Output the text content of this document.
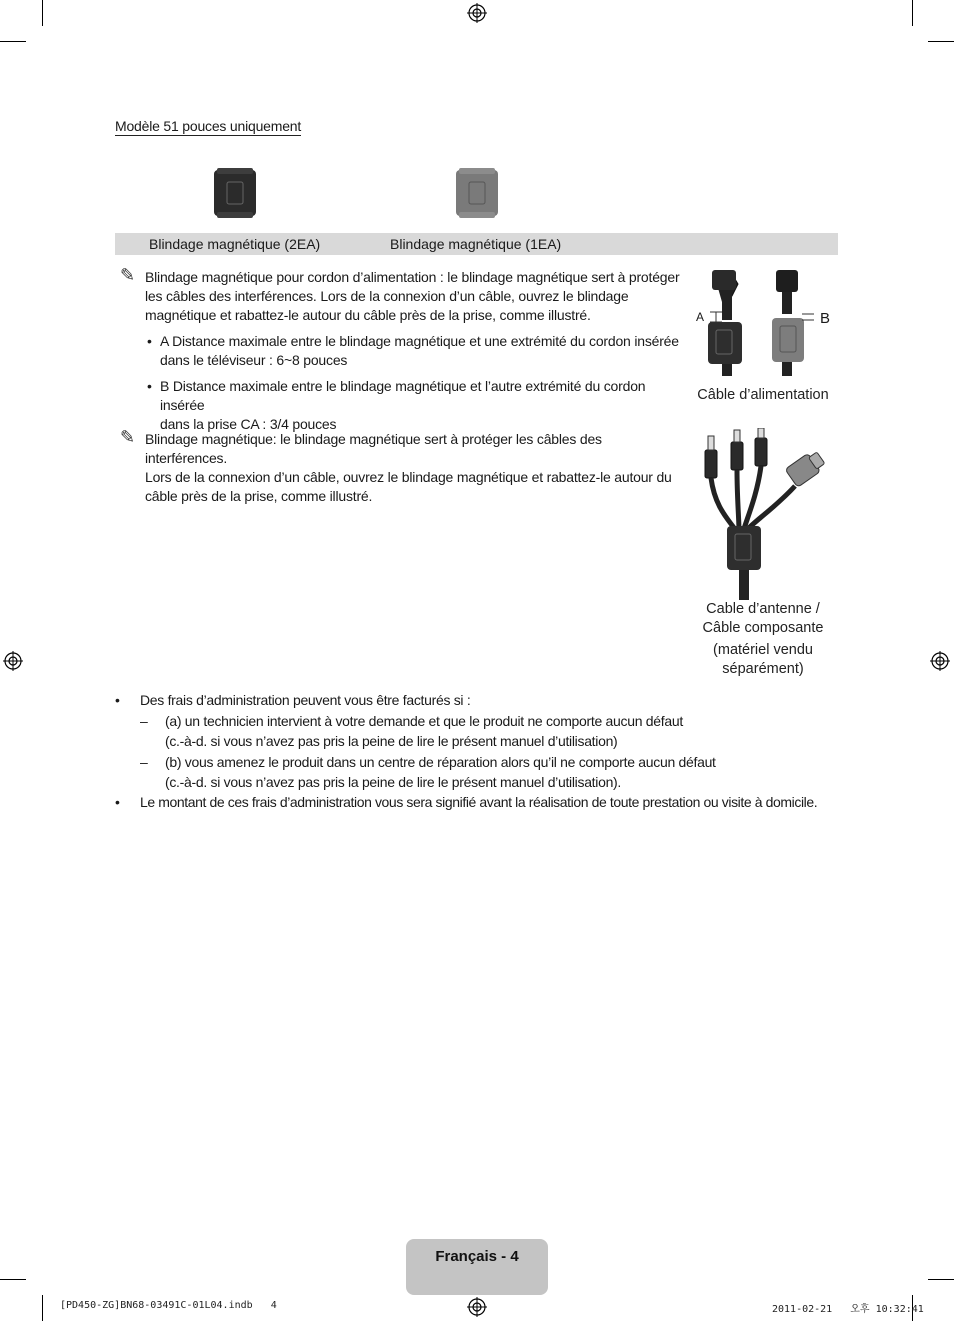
Modèle 51 pouces uniquement
Blindage magnétique (2EA)	Blindage magnétique (1EA)
✎ Blindage magnétique pour cordon d’alimentation : le blindage magnétique sert à protéger
les câbles des interférences. Lors de la connexion d’un câble, ouvrez le blindage
magnétique et rabattez-le autour du câble près de la prise, comme illustré.
• A Distance maximale entre le blindage magnétique et une extrémité du cordon insérée
dans le téléviseur : 6~8 pouces
• B Distance maximale entre le blindage magnétique et l’autre extrémité du cordon insérée
dans la prise CA : 3/4 pouces
✎ Blindage magnétique: le blindage magnétique sert à protéger les câbles des interférences.
Lors de la connexion d’un câble, ouvrez le blindage magnétique et rabattez-le autour du
câble près de la prise, comme illustré.
A	B
Câble d’alimentation
Cable d’antenne /
Câble composante
(matériel vendu
séparément)
• Des frais d’administration peuvent vous être facturés si :
– (a) un technicien intervient à votre demande et que le produit ne comporte aucun défaut
(c.-à-d. si vous n’avez pas pris la peine de lire le présent manuel d’utilisation)
– (b) vous amenez le produit dans un centre de réparation alors qu’il ne comporte aucun défaut
(c.-à-d. si vous n’avez pas pris la peine de lire le présent manuel d’utilisation).
• Le montant de ces frais d’administration vous sera signifié avant la réalisation de toute prestation ou visite à domicile.
Français - 4
[PD450-ZG]BN68-03491C-01L04.indb   4	2011-02-21   오후 10:32:41
